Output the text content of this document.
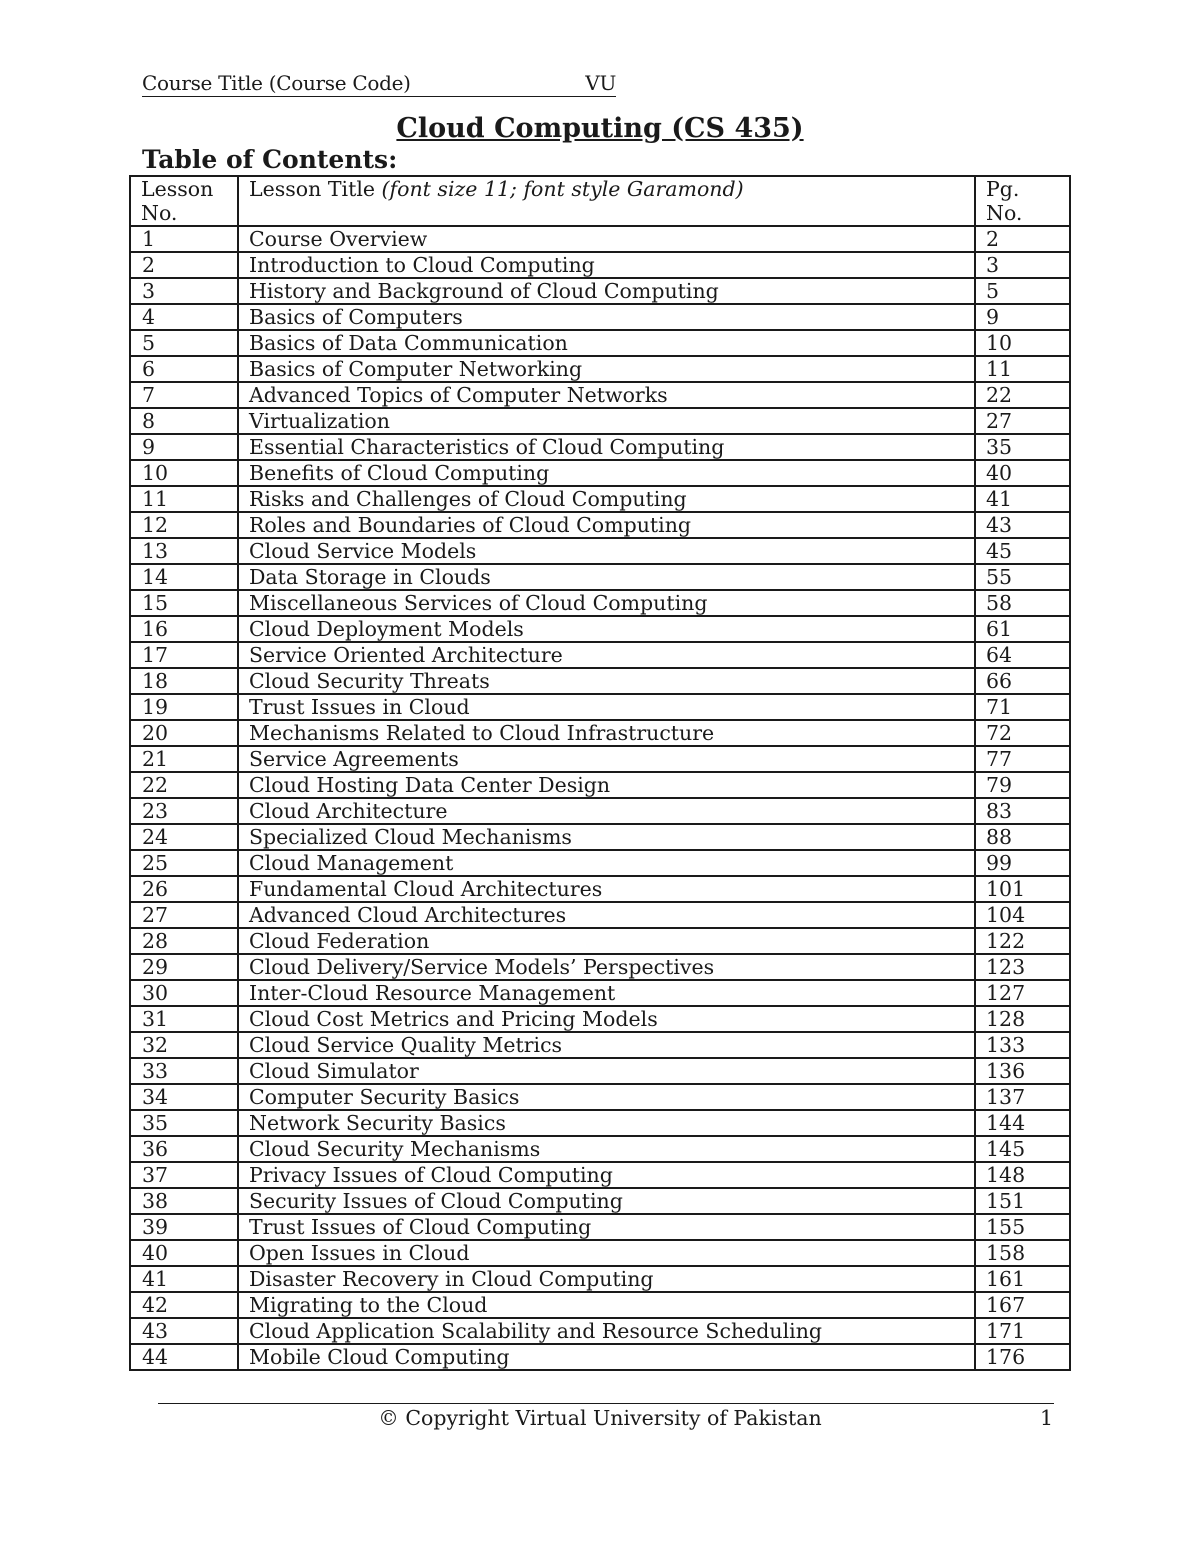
Course Title (Course Code)	VU
Cloud Computing (CS 435)
Table of Contents:
Lesson No.	Lesson Title (font size 11; font style Garamond)	Pg. No.
1	Course Overview	2
2	Introduction to Cloud Computing	3
3	History and Background of Cloud Computing	5
4	Basics of Computers	9
5	Basics of Data Communication	10
6	Basics of Computer Networking	11
7	Advanced Topics of Computer Networks	22
8	Virtualization	27
9	Essential Characteristics of Cloud Computing	35
10	Benefits of Cloud Computing	40
11	Risks and Challenges of Cloud Computing	41
12	Roles and Boundaries of Cloud Computing	43
13	Cloud Service Models	45
14	Data Storage in Clouds	55
15	Miscellaneous Services of Cloud Computing	58
16	Cloud Deployment Models	61
17	Service Oriented Architecture	64
18	Cloud Security Threats	66
19	Trust Issues in Cloud	71
20	Mechanisms Related to Cloud Infrastructure	72
21	Service Agreements	77
22	Cloud Hosting Data Center Design	79
23	Cloud Architecture	83
24	Specialized Cloud Mechanisms	88
25	Cloud Management	99
26	Fundamental Cloud Architectures	101
27	Advanced Cloud Architectures	104
28	Cloud Federation	122
29	Cloud Delivery/Service Models’ Perspectives	123
30	Inter-Cloud Resource Management	127
31	Cloud Cost Metrics and Pricing Models	128
32	Cloud Service Quality Metrics	133
33	Cloud Simulator	136
34	Computer Security Basics	137
35	Network Security Basics	144
36	Cloud Security Mechanisms	145
37	Privacy Issues of Cloud Computing	148
38	Security Issues of Cloud Computing	151
39	Trust Issues of Cloud Computing	155
40	Open Issues in Cloud	158
41	Disaster Recovery in Cloud Computing	161
42	Migrating to the Cloud	167
43	Cloud Application Scalability and Resource Scheduling	171
44	Mobile Cloud Computing	176
© Copyright Virtual University of Pakistan	1
